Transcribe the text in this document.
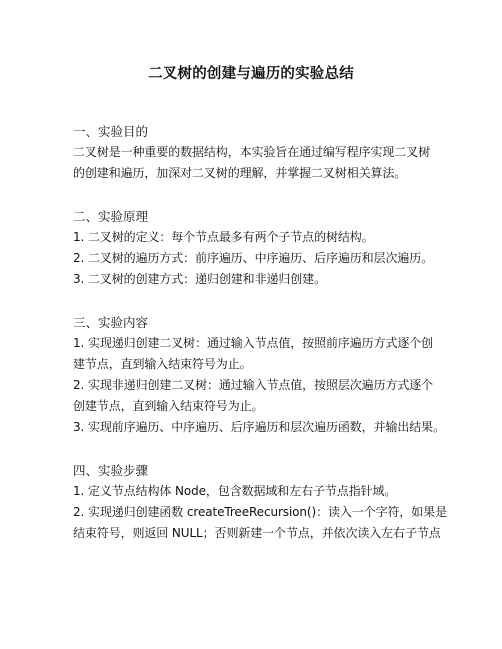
二叉树的创建与遍历的实验总结
一、实验目的
二叉树是一种重要的数据结构，本实验旨在通过编写程序实现二叉树
的创建和遍历，加深对二叉树的理解，并掌握二叉树相关算法。
二、实验原理
1. 二叉树的定义：每个节点最多有两个子节点的树结构。
2. 二叉树的遍历方式：前序遍历、中序遍历、后序遍历和层次遍历。
3. 二叉树的创建方式：递归创建和非递归创建。
三、实验内容
1. 实现递归创建二叉树：通过输入节点值，按照前序遍历方式逐个创
建节点，直到输入结束符号为止。
2. 实现非递归创建二叉树：通过输入节点值，按照层次遍历方式逐个
创建节点，直到输入结束符号为止。
3. 实现前序遍历、中序遍历、后序遍历和层次遍历函数，并输出结果。
四、实验步骤
1. 定义节点结构体 Node，包含数据域和左右子节点指针域。
2. 实现递归创建函数 createTreeRecursion()：读入一个字符，如果是
结束符号，则返回 NULL；否则新建一个节点，并依次读入左右子节点
